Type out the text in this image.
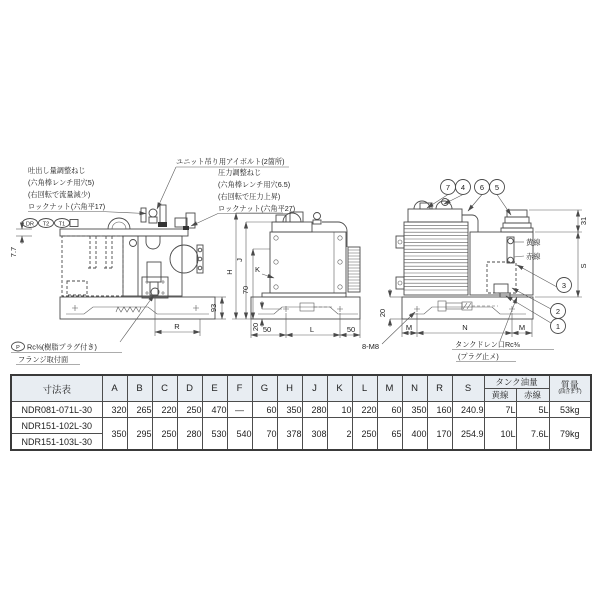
ユニット吊り用アイボルト(2箇所)
吐出し量調整ねじ
(六角棒レンチ用穴5)
(右回転で流量減少)
ロックナット(六角平17)
圧力調整ねじ
(六角棒レンチ用穴6.5)
(右回転で圧力上昇)
ロックナット(六角平27)
DR T2 T1
7.7
93
R
P Rc⅜(樹脂プラグ付き)
フランジ取付面
H
J
K
70
20 50	L	50
8-M8
7 4 6 5
黄線
赤線
31
S
3
2
1
20
M	N	M
タンクドレン口Rc⅜
(プラグ止メ)
寸法表	A	B	C	D	E	F	G	H	J	K	L	M	N	R	S	タンク油量		質量
(油含まず)

																黄線	赤線	
NDR081-071L-30	320	265	220	250	470	—	60	350	280	10	220	60	350	160	240.9	7L	5L	53kg
NDR151-102L-30	350	295	250	280	530	540	70	378	308	2	250	65	400	170	254.9	10L	7.6L	79kg
NDR151-103L-30																		
